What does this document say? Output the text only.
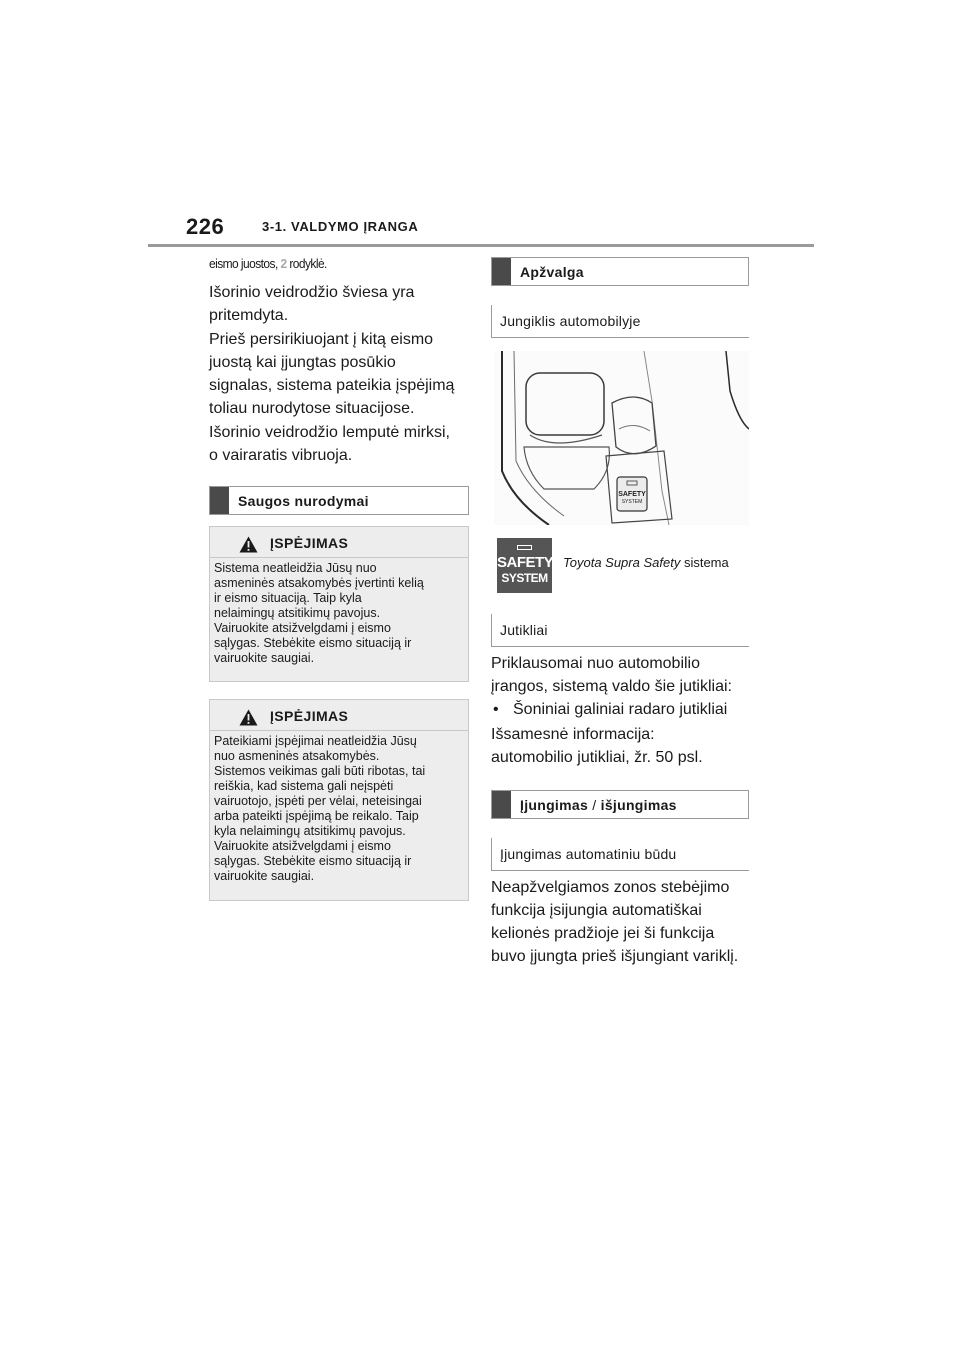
226	3-1. VALDYMO ĮRANGA
eismo juostos, 2 rodyklė.
Išorinio veidrodžio šviesa yra
pritemdyta.
Prieš persirikiuojant į kitą eismo
juostą kai įjungtas posūkio
signalas, sistema pateikia įspėjimą
toliau nurodytose situacijose.
Išorinio veidrodžio lemputė mirksi,
o vairaratis vibruoja.
Saugos nurodymai
ĮSPĖJIMAS
Sistema neatleidžia Jūsų nuo
asmeninės atsakomybės įvertinti kelią
ir eismo situaciją. Taip kyla
nelaimingų atsitikimų pavojus.
Vairuokite atsižvelgdami į eismo
sąlygas. Stebėkite eismo situaciją ir
vairuokite saugiai.
ĮSPĖJIMAS
Pateikiami įspėjimai neatleidžia Jūsų
nuo asmeninės atsakomybės.
Sistemos veikimas gali būti ribotas, tai
reiškia, kad sistema gali neįspėti
vairuotojo, įspėti per vėlai, neteisingai
arba pateikti įspėjimą be reikalo. Taip
kyla nelaimingų atsitikimų pavojus.
Vairuokite atsižvelgdami į eismo
sąlygas. Stebėkite eismo situaciją ir
vairuokite saugiai.
Apžvalga
Jungiklis automobilyje
SAFETY
SYSTEM
SAFETY
SYSTEM
Toyota Supra Safety sistema
Jutikliai
Priklausomai nuo automobilio
įrangos, sistemą valdo šie jutikliai:
• Šoniniai galiniai radaro jutikliai
Išsamesnė informacija:
automobilio jutikliai, žr. 50 psl.
Įjungimas / išjungimas
Įjungimas automatiniu būdu
Neapžvelgiamos zonos stebėjimo
funkcija įsijungia automatiškai
kelionės pradžioje jei ši funkcija
buvo įjungta prieš išjungiant variklį.
